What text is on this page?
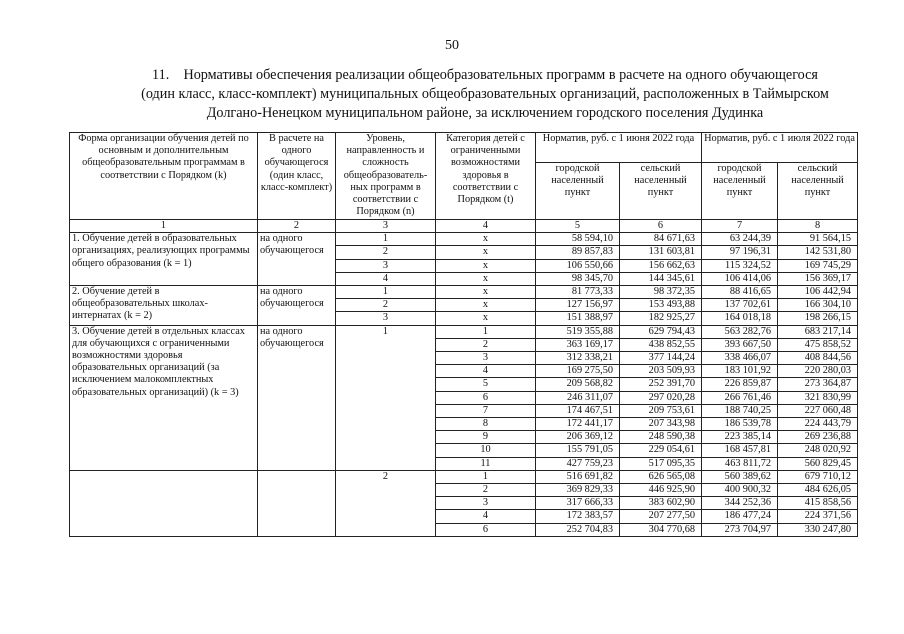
50
11. Нормативы обеспечения реализации общеобразовательных программ в расчете на одного обучающегося
(один класс, класс-комплект) муниципальных общеобразовательных организаций, расположенных в Таймырском
Долгано-Ненецком муниципальном районе, за исключением городского поселения Дудинка
Форма организации обучения детей по основным и дополнительным общеобразовательным программам в соответствии с Порядком (k)	В расчете на одного обучающегося (один класс, класс-комплект)	Уровень, направленность и сложность общеобразователь-ных программ в соответствии с Порядком (n)	Категория детей с ограниченными возможностями здоровья в соответствии с Порядком (t)	Норматив, руб. с 1 июня 2022 года		Норматив, руб. с 1 июля 2022 года	
				городской населенный пункт	сельский населенный пункт	городской населенный пункт	сельский населенный пункт
1	2	3	4	5	6	7	8
1. Обучение детей в образовательных организациях, реализующих программы общего образования (k = 1)	на одного обучающегося	1	х	58 594,10	84 671,63	63 244,39	91 564,15
		2	х	89 857,83	131 603,81	97 196,31	142 531,80
		3	х	106 550,66	156 662,63	115 324,52	169 745,29
		4	х	98 345,70	144 345,61	106 414,06	156 369,17
2. Обучение детей в общеобразовательных школах-интернатах (k = 2)	на одного обучающегося	1	х	81 773,33	98 372,35	88 416,65	106 442,94
		2	х	127 156,97	153 493,88	137 702,61	166 304,10
		3	х	151 388,97	182 925,27	164 018,18	198 266,15
3. Обучение детей в отдельных классах для обучающихся с ограниченными возможностями здоровья образовательных организаций (за исключением малокомплектных образовательных организаций) (k = 3)	на одного обучающегося	1	1	519 355,88	629 794,43	563 282,76	683 217,14
			2	363 169,17	438 852,55	393 667,50	475 858,52
			3	312 338,21	377 144,24	338 466,07	408 844,56
			4	169 275,50	203 509,93	183 101,92	220 280,03
			5	209 568,82	252 391,70	226 859,87	273 364,87
			6	246 311,07	297 020,28	266 761,46	321 830,99
			7	174 467,51	209 753,61	188 740,25	227 060,48
			8	172 441,17	207 343,98	186 539,78	224 443,79
			9	206 369,12	248 590,38	223 385,14	269 236,88
			10	155 791,05	229 054,61	168 457,81	248 020,92
			11	427 759,23	517 095,35	463 811,72	560 829,45
		2	1	516 691,82	626 565,08	560 389,62	679 710,12
			2	369 829,33	446 925,90	400 900,32	484 626,05
			3	317 666,33	383 602,90	344 252,36	415 858,56
			4	172 383,57	207 277,50	186 477,24	224 371,56
			6	252 704,83	304 770,68	273 704,97	330 247,80
